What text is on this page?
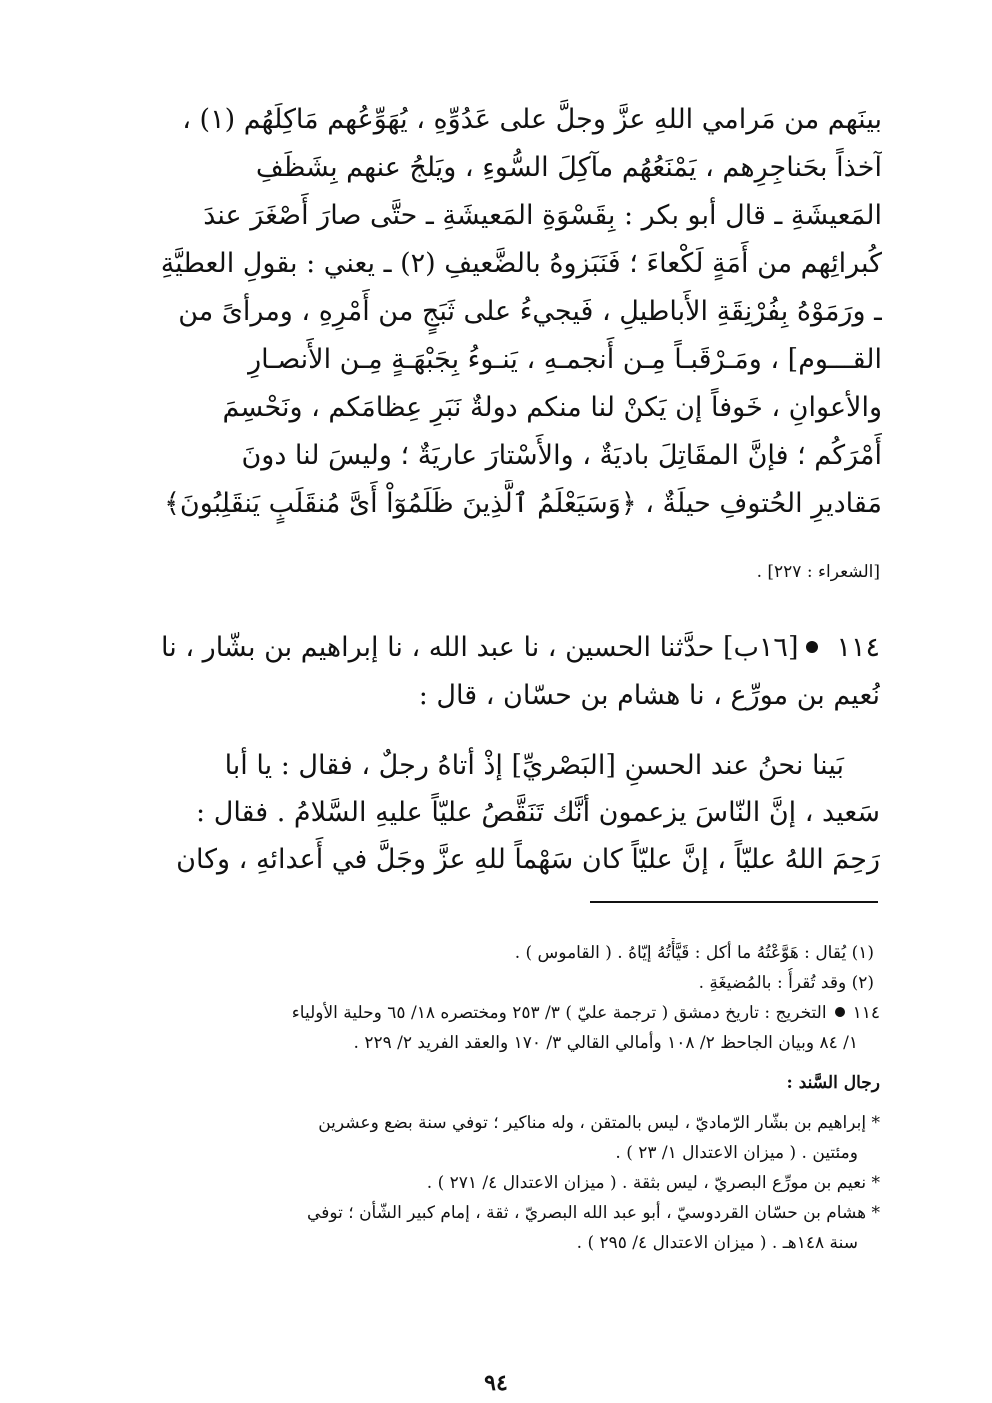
بينَهم من مَرامي اللهِ عزَّ وجلَّ على عَدُوِّهِ ، يُهَوِّعُهم مَاكِلَهُم (١) ،
آخذاً بحَناجِرِهم ، يَمْنَعُهُم مآكِلَ السُّوءِ ، ويَلجُ عنهم بِشَظَفِ
المَعيشَةِ ـ قال أبو بكر : بِقَسْوَةِ المَعيشَةِ ـ حتَّى صارَ أَصْغَرَ عندَ
كُبرائِهم من أَمَةٍ لَكْعاءَ ؛ فَنَبَزوهُ بالضَّعيفِ (٢) ـ يعني : بقولِ العطيَّةِ
ـ ورَمَوْهُ بِفُرْنِقَةِ الأَباطيلِ ، فَيجيءُ على ثَبَجٍ من أَمْرِهِ ، ومرأىً من
القـــوم] ، ومَـرْقَبـاً مِـن أَنجمـهِ ، يَنـوءُ بِجَبْهَـةٍ مِـن الأَنصـارِ
والأعوانِ ، خَوفاً إن يَكنْ لنا منكم دولةٌ نَبَرِ عِظامَكم ، ونَحْسِمَ
أَمْرَكُم ؛ فإنَّ المقَاتِلَ باديَةٌ ، والأَسْتارَ عاريَةٌ ؛ وليسَ لنا دونَ
مَقاديرِ الحُتوفِ حيلَةٌ ، ﴿وَسَيَعْلَمُ ٱلَّذِينَ ظَلَمُوٓاْ أَىَّ مُنقَلَبٍ يَنقَلِبُونَ﴾
[الشعراء : ٢٢٧] .
١١٤[١٦ب] حدَّثنا الحسين ، نا عبد الله ، نا إبراهيم بن بشّار ، نا
نُعيم بن مورِّع ، نا هشام بن حسّان ، قال :
بَينا نحنُ عند الحسنِ [البَصْريِّ] إذْ أتاهُ رجلٌ ، فقال : يا أبا
سَعيد ، إنَّ النّاسَ يزعمون أنَّك تَنَقَّصُ عليّاً عليهِ السَّلامُ . فقال :
رَحِمَ اللهُ عليّاً ، إنَّ عليّاً كان سَهْماً للهِ عزَّ وجَلَّ في أَعدائهِ ، وكان
(١) يُقال : هَوَّعْتُهُ ما أكل : قَيَّأْتُهُ إيّاهُ . ( القاموس ) .
(٢) وقد تُقرأُ : بالمُضيغَةِ .
١١٤التخريج : تاريخ دمشق ( ترجمة عليّ ) ٣/ ٢٥٣ ومختصره ١٨/ ٦٥ وحلية الأولياء
١/ ٨٤ وبيان الجاحظ ٢/ ١٠٨ وأمالي القالي ٣/ ١٧٠ والعقد الفريد ٢/ ٢٢٩ .
رجال السَّند :
* إبراهيم بن بشّار الرّماديّ ، ليس بالمتقن ، وله مناكير ؛ توفي سنة بضع وعشرين
ومئتين . ( ميزان الاعتدال ١/ ٢٣ ) .
* نعيم بن مورِّع البصريّ ، ليس بثقة . ( ميزان الاعتدال ٤/ ٢٧١ ) .
* هشام بن حسّان القردوسيّ ، أبو عبد الله البصريّ ، ثقة ، إمام كبير الشّأن ؛ توفي
سنة ١٤٨هـ . ( ميزان الاعتدال ٤/ ٢٩٥ ) .
٩٤
